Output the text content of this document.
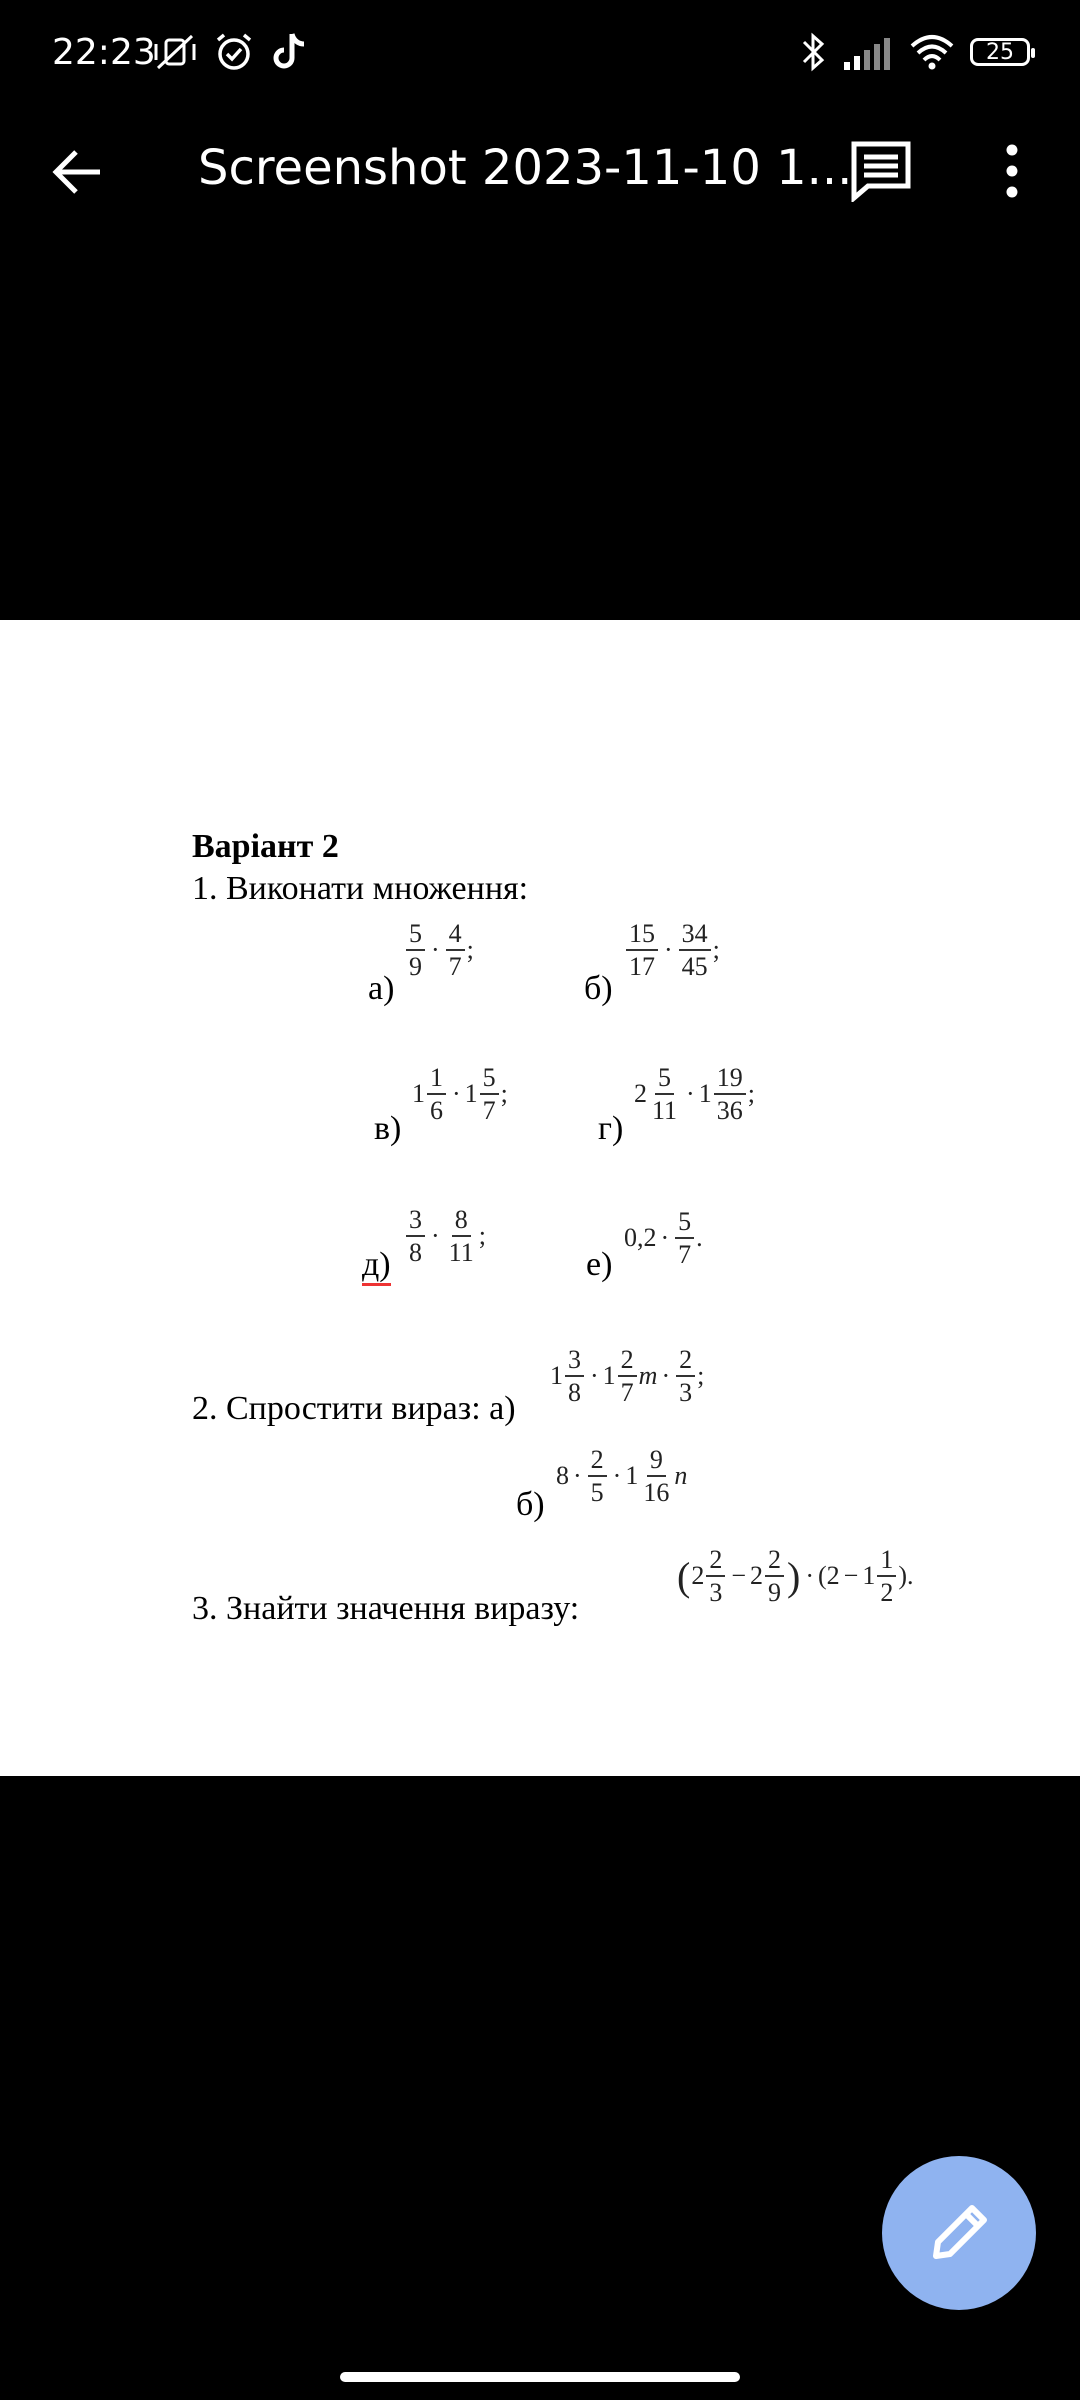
22:23	25
Screenshot 2023-11-10 1...
Варіант 2
1. Виконати множення:
а)
$\frac{5}{9} \cdot \frac{4}{7}$ ;
б)
$\frac{15}{17} \cdot \frac{34}{45}$ ;
в)
$1 \frac{1}{6} \cdot 1 \frac{5}{7}$ ;
г)
$2 \frac{5}{11} \cdot 1 \frac{19}{36}$ ;
$д) \frac{3}{8} \cdot \frac{8}{11}$ ;
е)
$0,2 \cdot \frac{5}{7}$ .
2. Спростити вираз: а)
$1 \frac{3}{8} \cdot 1 \frac{2}{7}$ $m \cdot \frac{2}{3}$ ;
б)
$8 \cdot \frac{2}{5} \cdot 1 \frac{9}{16}$ n
3. Знайти значення виразу:
( $2 \frac{2}{3} - 2 \frac{2}{9}$ ) · ($2 - 1 \frac{1}{2}$ ).
